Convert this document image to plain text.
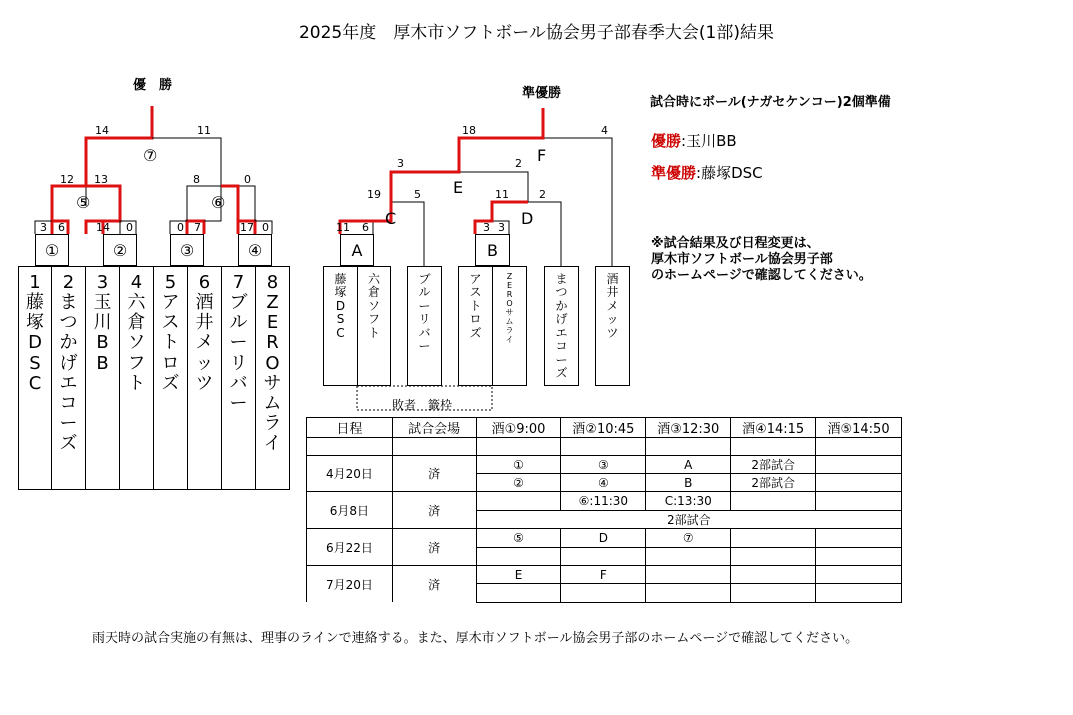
2025年度　厚木市ソフトボール協会男子部春季大会(1部)結果
優　勝
準優勝
3 6	14 0	0 7	17 0
12 13	8	0
14	11
⑦
⑤	⑥
①	②	③	④
1
藤
塚
D
S
C
2
ま
つ
か
げ
エ
コ
ー
ズ
3
玉
川
B
B
4
六
倉
ソ
フ
ト
5
ア
ス
ト
ロ
ズ
6
酒
井
メ
ッ
ツ
7
ブ
ル
ー
リ
バ
ー
8
Z
E
R
O
サ
ム
ラ
イ
11 6	3 3
19	5	11	2
3	2
18	4
C	D
E
F
A	B
藤
塚
D
S
C
六
倉
ソ
フ
ト
ブ
ル
ー
リ
バ
ー
ア
ス
ト
ロ
ズ
Z
E
R
O
サ
ム
ラ
イ
ま
つ
か
げ
エ
コ
ー
ズ
酒
井
メ
ッ
ツ
敗者　籤枠
試合時にボール(ナガセケンコー)2個準備
優勝:玉川BB
準優勝:藤塚DSC
※試合結果及び日程変更は、
厚木市ソフトボール協会男子部
のホームページで確認してください。
日程	試合会場	酒①9:00	酒②10:45	酒③12:30	酒④14:15	酒⑤14:50

4月20日	済	①	③	A	2部試合	
		②	④	B	2部試合	
6月8日	済		⑥:11:30	C:13:30		
		2部試合				
6月22日	済	⑤	D	⑦		

7月20日	済	E	F			

雨天時の試合実施の有無は、理事のラインで連絡する。また、厚木市ソフトボール協会男子部のホームページで確認してください。
